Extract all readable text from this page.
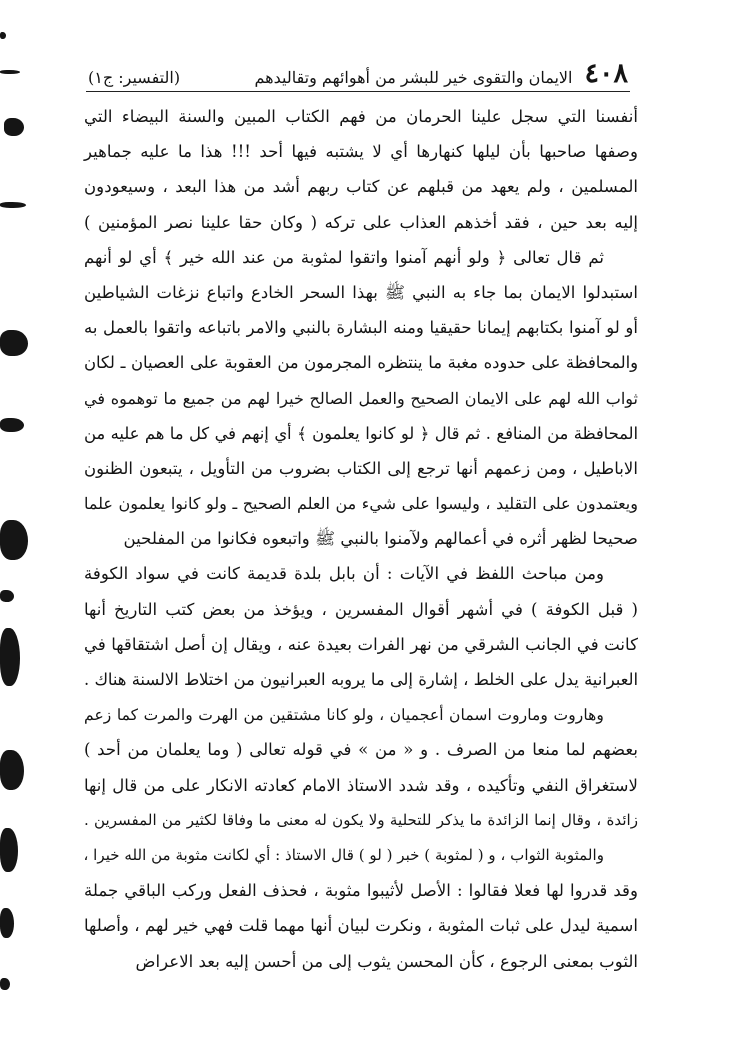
٤٠٨
الايمان والتقوى خير للبشر من أهوائهم وتقاليدهم
(التفسير: ج١)
أنفسنا التي سجل علينا الحرمان من فهم الكتاب المبين والسنة البيضاء التي
وصفها صاحبها بأن ليلها كنهارها أي لا يشتبه فيها أحد !!! هذا ما عليه جماهير
المسلمين ، ولم يعهد من قبلهم عن كتاب ربهم أشد من هذا البعد ، وسيعودون
إليه بعد حين ، فقد أخذهم العذاب على تركه ( وكان حقا علينا نصر المؤمنين )
ثم قال تعالى ﴿ ولو أنهم آمنوا واتقوا لمثوبة من عند الله خير ﴾ أي لو أنهم
استبدلوا الايمان بما جاء به النبي ﷺ بهذا السحر الخادع واتباع نزغات الشياطين
أو لو آمنوا بكتابهم إيمانا حقيقيا ومنه البشارة بالنبي والامر باتباعه واتقوا بالعمل به
والمحافظة على حدوده مغبة ما ينتظره المجرمون من العقوبة على العصيان ـ لكان
ثواب الله لهم على الايمان الصحيح والعمل الصالح خيرا لهم من جميع ما توهموه في
المحافظة من المنافع . ثم قال ﴿ لو كانوا يعلمون ﴾ أي إنهم في كل ما هم عليه من
الاباطيل ، ومن زعمهم أنها ترجع إلى الكتاب بضروب من التأويل ، يتبعون الظنون
ويعتمدون على التقليد ، وليسوا على شيء من العلم الصحيح ـ ولو كانوا يعلمون علما
صحيحا لظهر أثره في أعمالهم ولآمنوا بالنبي ﷺ واتبعوه فكانوا من المفلحين
ومن مباحث اللفظ في الآيات : أن بابل بلدة قديمة كانت في سواد الكوفة
( قبل الكوفة ) في أشهر أقوال المفسرين ، ويؤخذ من بعض كتب التاريخ أنها
كانت في الجانب الشرقي من نهر الفرات بعيدة عنه ، ويقال إن أصل اشتقاقها في
العبرانية يدل على الخلط ، إشارة إلى ما يروبه العبرانيون من اختلاط الالسنة هناك .
وهاروت وماروت اسمان أعجميان ، ولو كانا مشتقين من الهرت والمرت كما زعم
بعضهم لما منعا من الصرف . و « من » في قوله تعالى ( وما يعلمان من أحد )
لاستغراق النفي وتأكيده ، وقد شدد الاستاذ الامام كعادته الانكار على من قال إنها
زائدة ، وقال إنما الزائدة ما يذكر للتحلية ولا يكون له معنى ما وفاقا لكثير من المفسرين .
والمثوبة الثواب ، و ( لمثوبة ) خبر ( لو ) قال الاستاذ : أي لكانت مثوبة من الله خيرا ،
وقد قدروا لها فعلا فقالوا : الأصل لأثيبوا مثوبة ، فحذف الفعل وركب الباقي جملة
اسمية ليدل على ثبات المثوبة ، ونكرت لبيان أنها مهما قلت فهي خير لهم ، وأصلها
الثوب بمعنى الرجوع ، كأن المحسن يثوب إلى من أحسن إليه بعد الاعراض
